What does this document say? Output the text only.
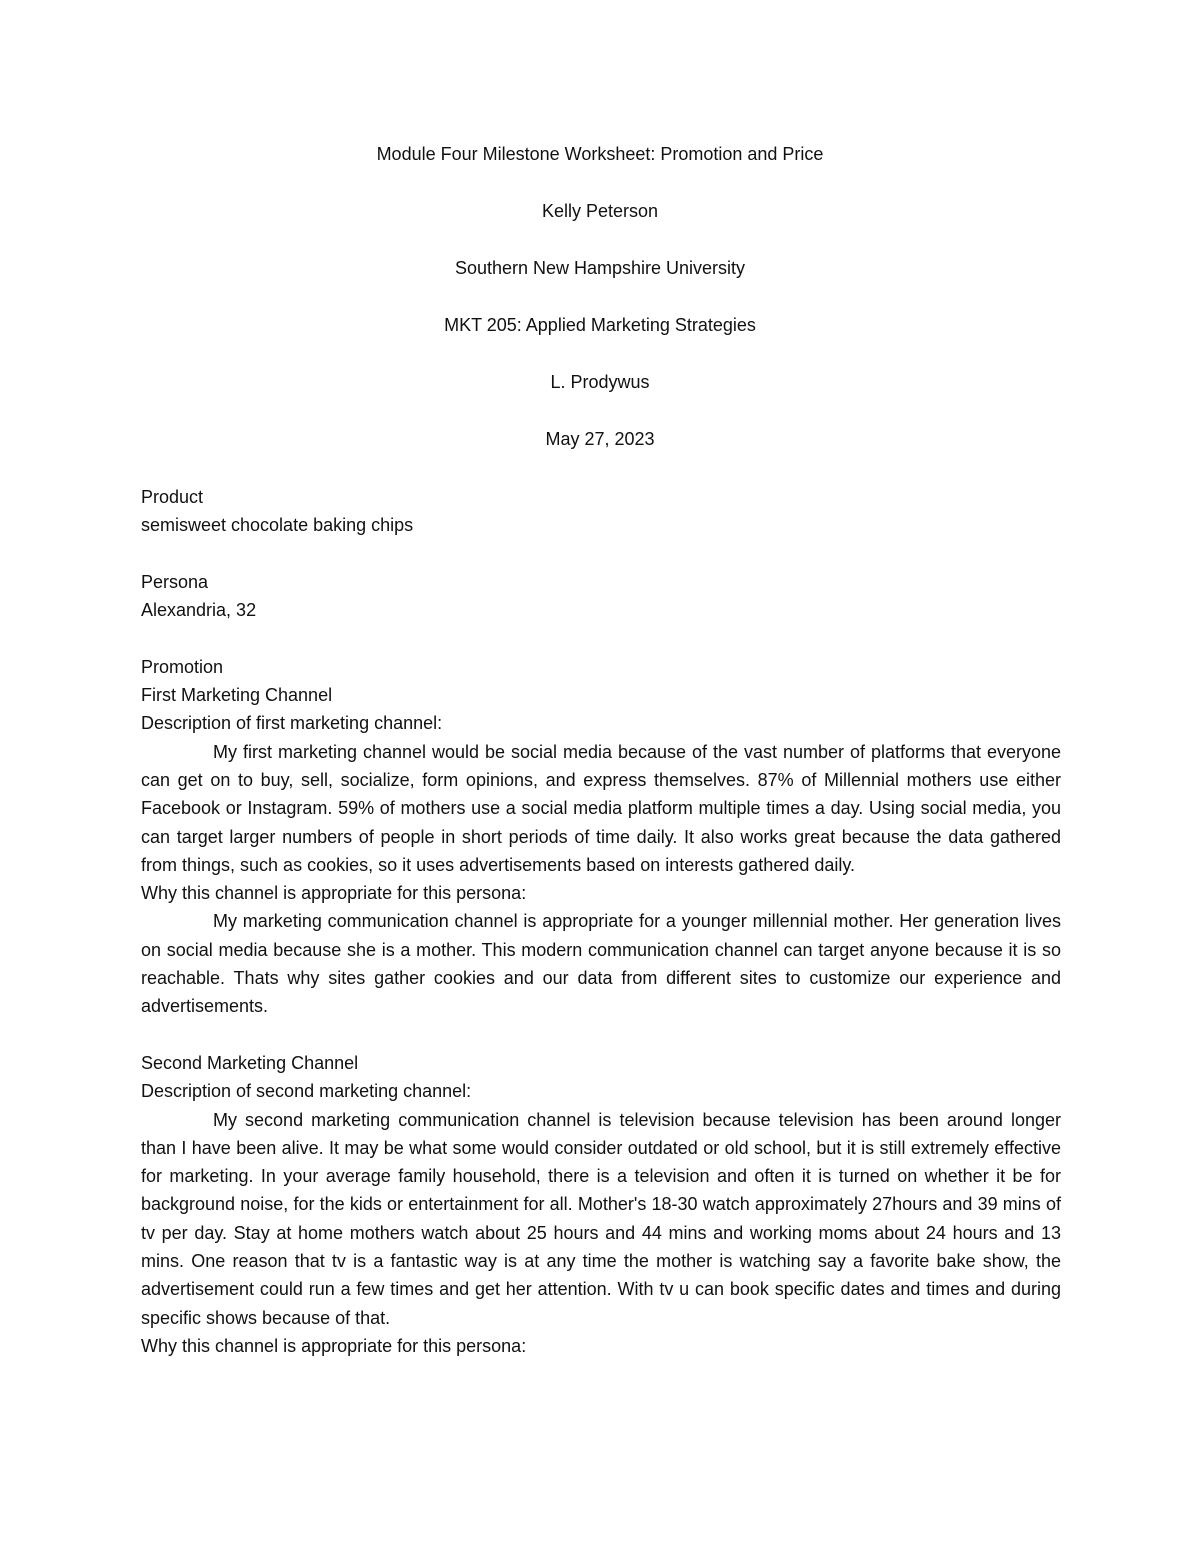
Module Four Milestone Worksheet: Promotion and Price
Kelly Peterson
Southern New Hampshire University
MKT 205: Applied Marketing Strategies
L. Prodywus
May 27, 2023
Product
semisweet chocolate baking chips
Persona
Alexandria, 32
Promotion
First Marketing Channel
Description of first marketing channel:

My first marketing channel would be social media because of the vast number of platforms that everyone can get on to buy, sell, socialize, form opinions, and express themselves. 87% of Millennial mothers use either Facebook or Instagram. 59% of mothers use a social media platform multiple times a day. Using social media, you can target larger numbers of people in short periods of time daily. It also works great because the data gathered from things, such as cookies, so it uses advertisements based on interests gathered daily.

Why this channel is appropriate for this persona:

My marketing communication channel is appropriate for a younger millennial mother. Her generation lives on social media because she is a mother. This modern communication channel can target anyone because it is so reachable. Thats why sites gather cookies and our data from different sites to customize our experience and advertisements.

Second Marketing Channel
Description of second marketing channel:

My second marketing communication channel is television because television has been around longer than I have been alive. It may be what some would consider outdated or old school, but it is still extremely effective for marketing. In your average family household, there is a television and often it is turned on whether it be for background noise, for the kids or entertainment for all. Mother's 18-30 watch approximately 27hours and 39 mins of tv per day. Stay at home mothers watch about 25 hours and 44 mins and working moms about 24 hours and 13 mins. One reason that tv is a fantastic way is at any time the mother is watching say a favorite bake show, the advertisement could run a few times and get her attention. With tv u can book specific dates and times and during specific shows because of that.

Why this channel is appropriate for this persona:
